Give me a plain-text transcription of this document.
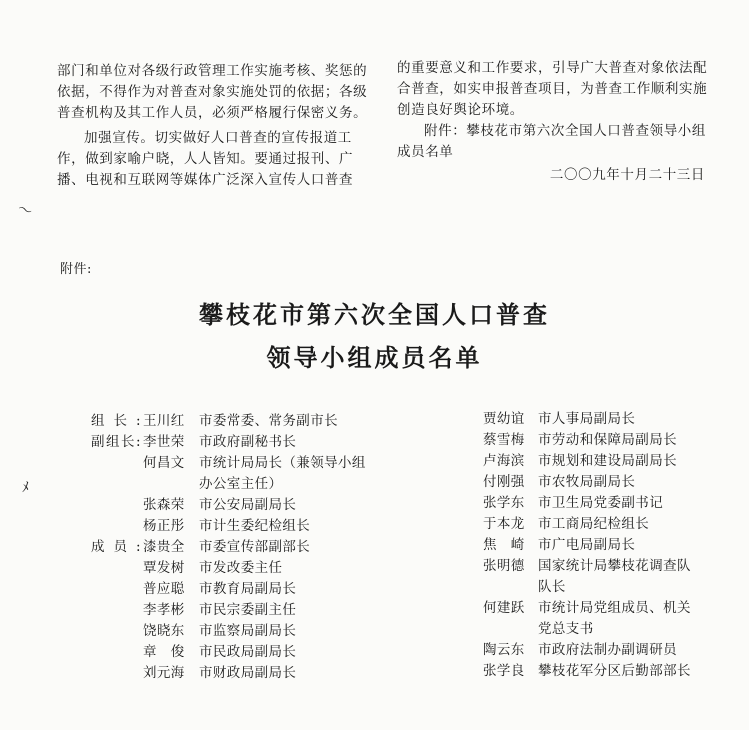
部门和单位对各级行政管理工作实施考核、奖惩的依据，不得作为对普查对象实施处罚的依据；各级普查机构及其工作人员，必须严格履行保密义务。

加强宣传。切实做好人口普查的宣传报道工作，做到家喻户晓，人人皆知。要通过报刊、广播、电视和互联网等媒体广泛深入宣传人口普查

的重要意义和工作要求，引导广大普查对象依法配合普查，如实申报普查项目，为普查工作顺利实施创造良好舆论环境。

附件：攀枝花市第六次全国人口普查领导小组成员名单

二〇〇九年十月二十三日

〜
ﾒ
附件:
攀枝花市第六次全国人口普查
领导小组成员名单
组长: 王川红 市委常委、常务副市长
副组长: 李世荣 市政府副秘书长
何昌文 市统计局局长（兼领导小组
办公室主任）
张森荣 市公安局副局长
杨正彤 市计生委纪检组长
成员: 漆贵全 市委宣传部副部长
覃发树 市发改委主任
普应聪 市教育局副局长
李孝彬 市民宗委副主任
饶晓东 市监察局副局长
章　俊 市民政局副局长
刘元海 市财政局副局长
贾幼谊 市人事局副局长
蔡雪梅 市劳动和保障局副局长
卢海滨 市规划和建设局副局长
付刚强 市农牧局副局长
张学东 市卫生局党委副书记
于本龙 市工商局纪检组长
焦　崎 市广电局副局长
张明德 国家统计局攀枝花调查队
队长
何建跃 市统计局党组成员、机关
党总支书
陶云东 市政府法制办副调研员
张学良 攀枝花军分区后勤部部长
